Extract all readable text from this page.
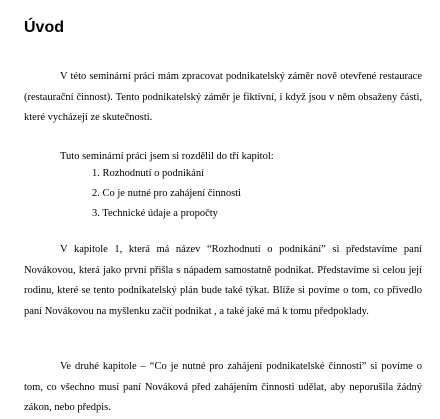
Úvod

V této seminární práci mám zpracovat podnikatelský záměr nově otevřené restaurace (restaurační činnost). Tento podnikatelský záměr je fiktivní, i když jsou v něm obsaženy části, které vycházejí ze skutečnosti.

Tuto seminární práci jsem si rozdělil do tří kapitol:

1. Rozhodnutí o podnikání
2. Co je nutné pro zahájení činnosti
3. Technické údaje a propočty

V kapitole 1, která má název “Rozhodnutí o podnikání” si představíme paní Novákovou, která jako první přišla s nápadem samostatně podnikat. Představíme si celou její rodinu, které se tento podnikatelský plán bude také týkat. Blíže si povíme o tom, co přivedlo paní Novákovou na myšlenku začít podnikat , a také jaké má k tomu předpoklady.

Ve druhé kapitole – “Co je nutné pro zahájení podnikatelské činnosti” si povíme o tom, co všechno musí paní Nováková před zahájením činnosti udělat, aby neporušila žádný zákon, nebo předpis.
